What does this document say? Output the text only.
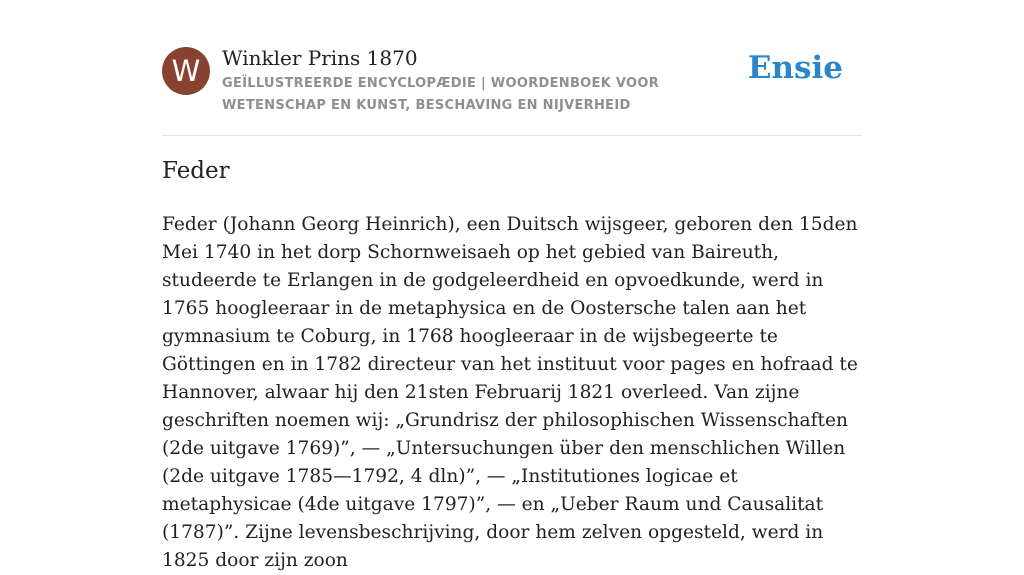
W	Winkler Prins 1870
GEÏLLUSTREERDE ENCYCLOPÆDIE | WOORDENBOEK VOOR WETENSCHAP EN KUNST, BESCHAVING EN NIJVERHEID
Ensie
Feder

Feder (Johann Georg Heinrich), een Duitsch wijsgeer, geboren den 15den Mei 1740 in het dorp Schornweisaeh op het gebied van Baireuth, studeerde te Erlangen in de godgeleerdheid en opvoedkunde, werd in 1765 hoogleeraar in de metaphysica en de Oostersche talen aan het gymnasium te Coburg, in 1768 hoogleeraar in de wijsbegeerte te Göttingen en in 1782 directeur van het instituut voor pages en hofraad te Hannover, alwaar hij den 21sten Februarij 1821 overleed. Van zijne geschriften noemen wij: „Grundrisz der philosophischen Wissenschaften (2de uitgave 1769)”, — „Untersuchungen über den menschlichen Willen (2de uitgave 1785—1792, 4 dln)”, — „Institutiones logicae et metaphysicae (4de uitgave 1797)”, — en „Ueber Raum und Causalitat (1787)”. Zijne levensbeschrijving, door hem zelven opgesteld, werd in 1825 door zijn zoon
